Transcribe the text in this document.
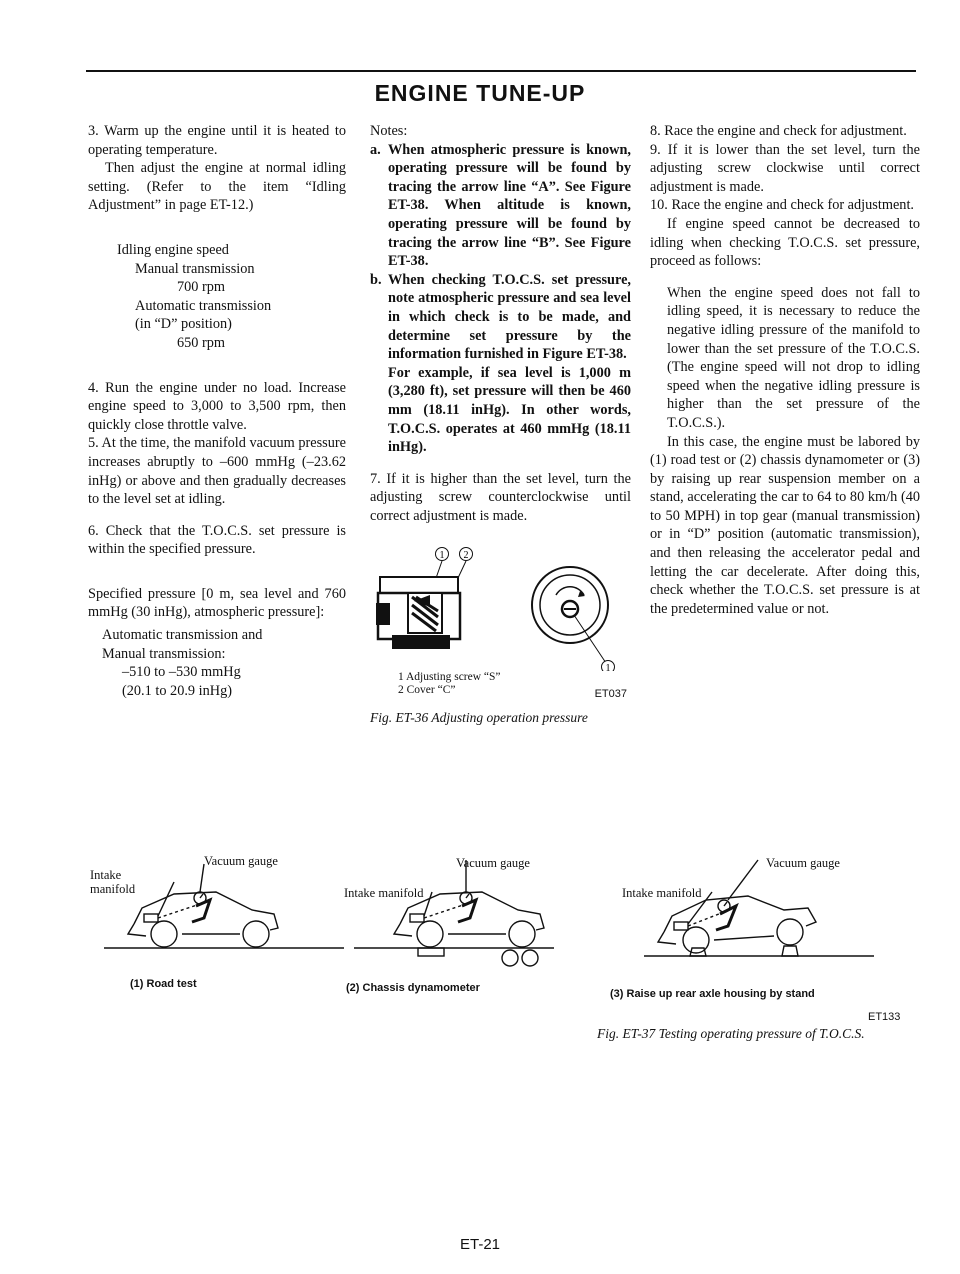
ENGINE TUNE-UP

3. Warm up the engine until it is heated to operating temperature.

Then adjust the engine at normal idling setting. (Refer to the item “Idling Adjustment” in page ET-12.)

Idling engine speed

Manual transmission

700 rpm

Automatic transmission

(in “D” position)

650 rpm

4. Run the engine under no load. Increase engine speed to 3,000 to 3,500 rpm, then quickly close throttle valve.

5. At the time, the manifold vacuum pressure increases abruptly to –600 mmHg (–23.62 inHg) or above and then gradually decreases to the level set at idling.

6. Check that the T.O.C.S. set pressure is within the specified pressure.

Specified pressure [0 m, sea level and 760 mmHg (30 inHg), atmospheric pressure]:

Automatic transmission and

Manual transmission:

–510 to –530 mmHg

(20.1 to 20.9 inHg)

Notes:

a. When atmospheric pressure is known, operating pressure will be found by tracing the arrow line “A”. See Figure ET-38. When altitude is known, operating pressure will be found by tracing the arrow line “B”. See Figure ET-38.
b. When checking T.O.C.S. set pressure, note atmospheric pressure and sea level in which check is to be made, and determine set pressure by the information furnished in Figure ET-38.
For example, if sea level is 1,000 m (3,280 ft), set pressure will then be 460 mm (18.11 inHg). In other words, T.O.C.S. operates at 460 mmHg (18.11 inHg).

7. If it is higher than the set level, turn the adjusting screw counterclockwise until correct adjustment is made.

1 2
1
1 Adjusting screw “S”
2 Cover “C”	ET037

Fig. ET-36 Adjusting operation pressure

8. Race the engine and check for adjustment.

9. If it is lower than the set level, turn the adjusting screw clockwise until correct adjustment is made.

10. Race the engine and check for adjustment.

If engine speed cannot be decreased to idling when checking T.O.C.S. set pressure, proceed as follows:

When the engine speed does not fall to idling speed, it is necessary to reduce the negative idling pressure of the manifold to lower than the set pressure of the T.O.C.S. (The engine speed will not drop to idling speed when the negative idling pressure is higher than the set pressure of the T.O.C.S.).

In this case, the engine must be labored by (1) road test or (2) chassis dynamometer or (3) by raising up rear suspension member on a stand, accelerating the car to 64 to 80 km/h (40 to 50 MPH) in top gear (manual transmission) or in “D” position (automatic transmission), and then releasing the accelerator pedal and letting the car decelerate. After doing this, check whether the T.O.C.S. set pressure is at the predetermined value or not.

Vacuum gauge
Intake
manifold
Vacuum gauge
Intake manifold
Vacuum gauge
Intake manifold
(1) Road test	(2) Chassis dynamometer	(3) Raise up rear axle housing by stand
ET133
Fig. ET-37 Testing operating pressure of T.O.C.S.
ET-21
